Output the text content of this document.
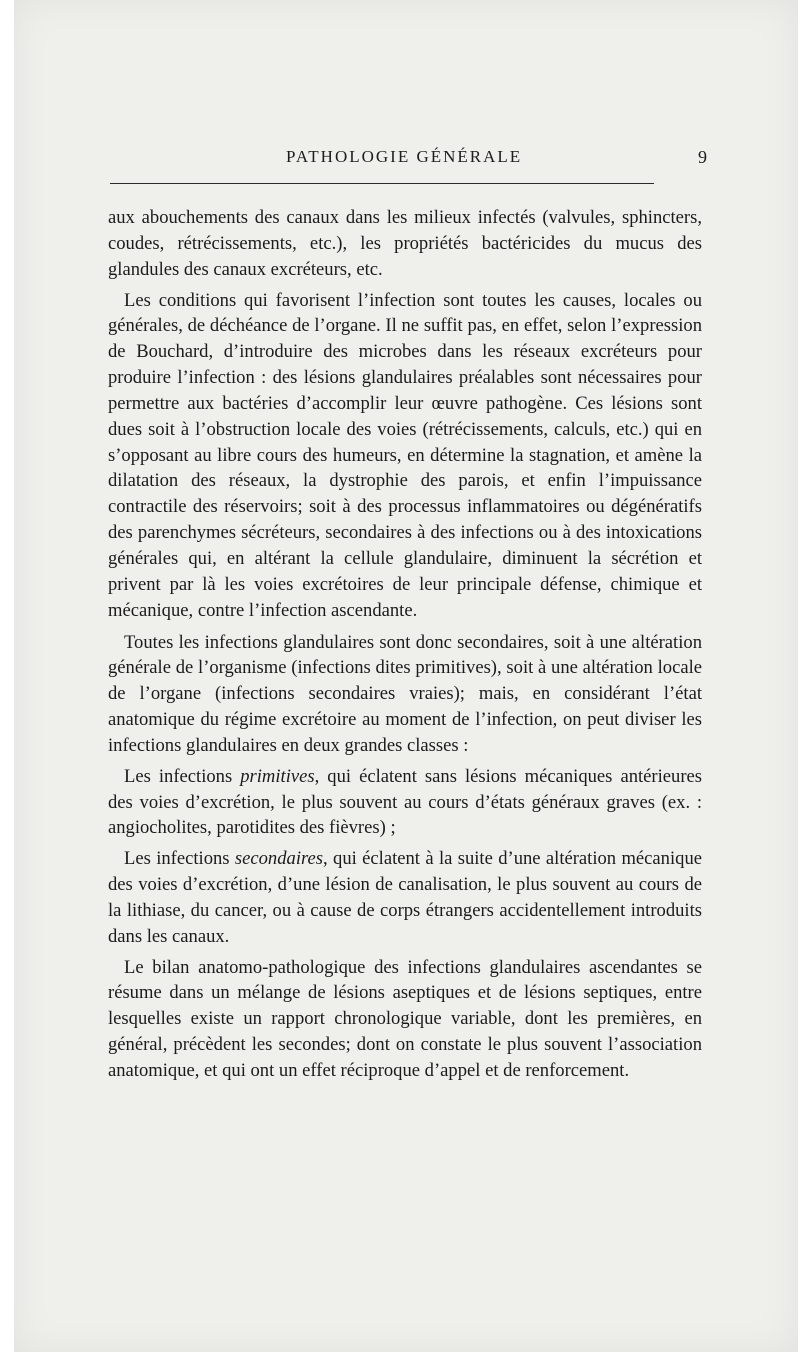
PATHOLOGIE GÉNÉRALE	9

aux abouchements des canaux dans les milieux infectés (valvules, sphincters, coudes, rétrécissements, etc.), les propriétés bactéricides du mucus des glandules des canaux excréteurs, etc.

Les conditions qui favorisent l’infection sont toutes les causes, locales ou générales, de déchéance de l’organe. Il ne suffit pas, en effet, selon l’expression de Bouchard, d’introduire des microbes dans les réseaux excréteurs pour produire l’infection : des lésions glandulaires préalables sont nécessaires pour permettre aux bactéries d’accomplir leur œuvre pathogène. Ces lésions sont dues soit à l’obstruction locale des voies (rétrécissements, calculs, etc.) qui en s’opposant au libre cours des humeurs, en détermine la stagnation, et amène la dilatation des réseaux, la dystrophie des parois, et enfin l’impuissance contractile des réservoirs; soit à des processus inflammatoires ou dégénératifs des parenchymes sécréteurs, secondaires à des infections ou à des intoxications générales qui, en altérant la cellule glandulaire, diminuent la sécrétion et privent par là les voies excrétoires de leur principale défense, chimique et mécanique, contre l’infection ascendante.

Toutes les infections glandulaires sont donc secondaires, soit à une altération générale de l’organisme (infections dites primitives), soit à une altération locale de l’organe (infections secondaires vraies); mais, en considérant l’état anatomique du régime excrétoire au moment de l’infection, on peut diviser les infections glandulaires en deux grandes classes :

Les infections primitives, qui éclatent sans lésions mécaniques antérieures des voies d’excrétion, le plus souvent au cours d’états généraux graves (ex. : angiocholites, parotidites des fièvres) ;

Les infections secondaires, qui éclatent à la suite d’une altération mécanique des voies d’excrétion, d’une lésion de canalisation, le plus souvent au cours de la lithiase, du cancer, ou à cause de corps étrangers accidentellement introduits dans les canaux.

Le bilan anatomo-pathologique des infections glandulaires ascendantes se résume dans un mélange de lésions aseptiques et de lésions septiques, entre lesquelles existe un rapport chronologique variable, dont les premières, en général, précèdent les secondes; dont on constate le plus souvent l’association anatomique, et qui ont un effet réciproque d’appel et de renforcement.
